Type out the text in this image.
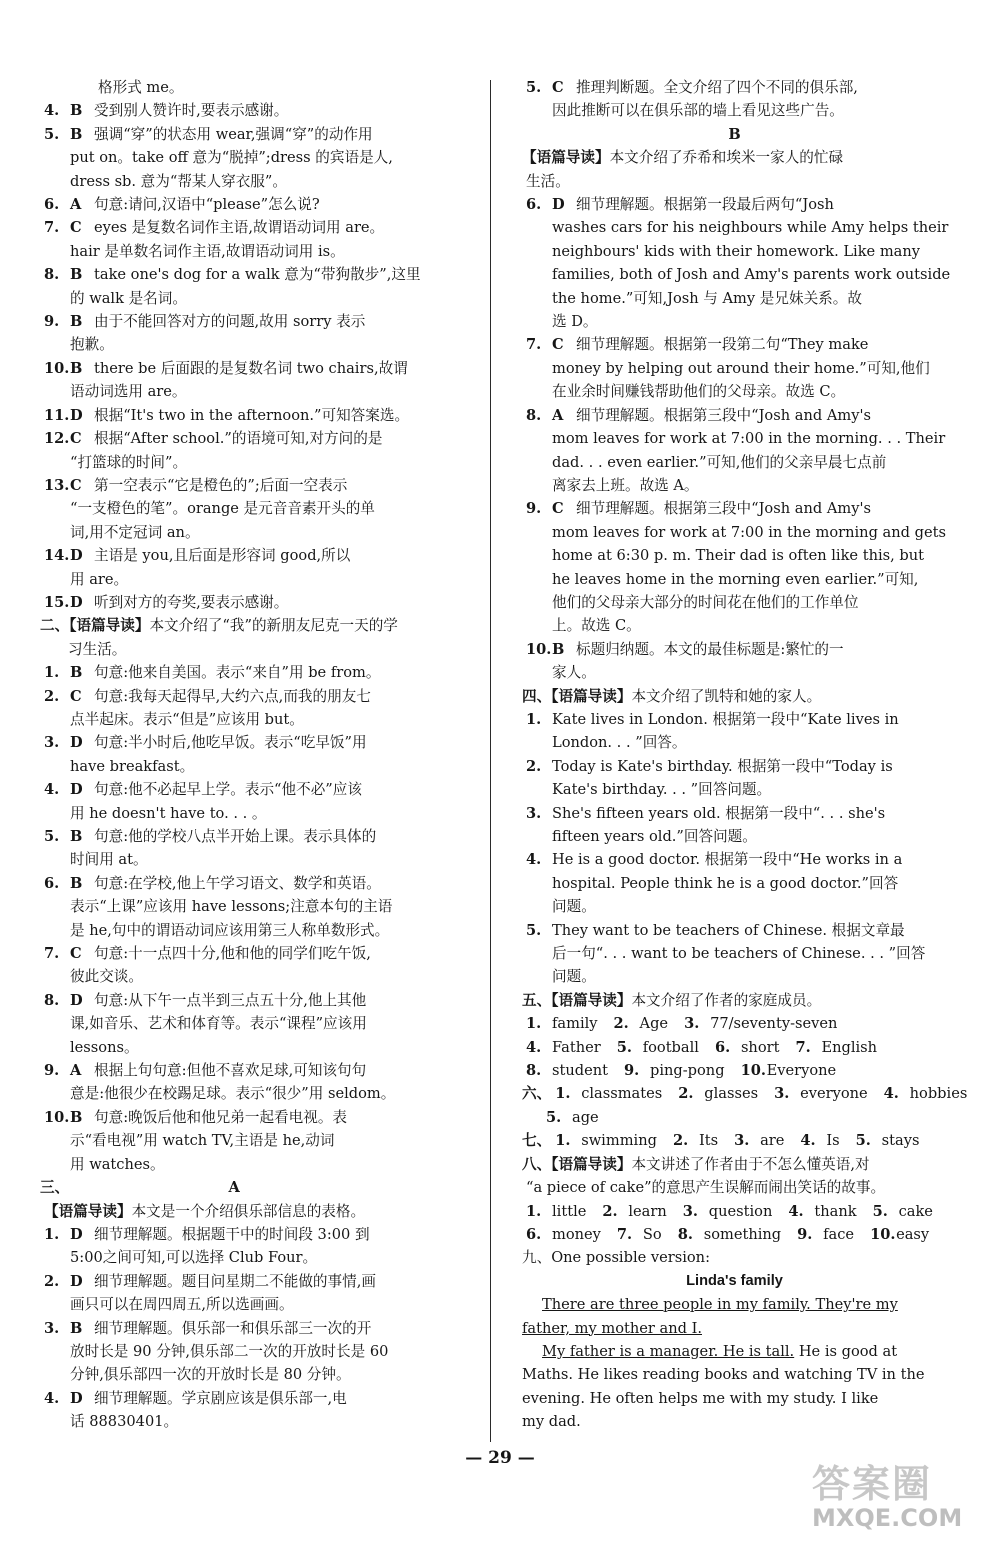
格形式 me。
4. B 受到别人赞许时,要表示感谢。
5. B 强调“穿”的状态用 wear,强调“穿”的动作用
put on。take off 意为“脱掉”;dress 的宾语是人,
dress sb. 意为“帮某人穿衣服”。
6. A 句意:请问,汉语中“please”怎么说?
7. C eyes 是复数名词作主语,故谓语动词用 are。
hair 是单数名词作主语,故谓语动词用 is。
8. B take one's dog for a walk 意为“带狗散步”,这里
的 walk 是名词。
9. B 由于不能回答对方的问题,故用 sorry 表示
抱歉。
10.B there be 后面跟的是复数名词 two chairs,故谓
语动词选用 are。
11.D 根据“It's two in the afternoon.”可知答案选。
12.C 根据“After school.”的语境可知,对方问的是
“打篮球的时间”。
13.C 第一空表示“它是橙色的”;后面一空表示
“一支橙色的笔”。orange 是元音音素开头的单
词,用不定冠词 an。
14.D 主语是 you,且后面是形容词 good,所以
用 are。
15.D 听到对方的夸奖,要表示感谢。
二、【语篇导读】本文介绍了“我”的新朋友尼克一天的学
习生活。
1. B 句意:他来自美国。表示“来自”用 be from。
2. C 句意:我每天起得早,大约六点,而我的朋友七
点半起床。表示“但是”应该用 but。
3. D 句意:半小时后,他吃早饭。表示“吃早饭”用
have breakfast。
4. D 句意:他不必起早上学。表示“他不必”应该
用 he doesn't have to. . . 。
5. B 句意:他的学校八点半开始上课。表示具体的
时间用 at。
6. B 句意:在学校,他上午学习语文、数学和英语。
表示“上课”应该用 have lessons;注意本句的主语
是 he,句中的谓语动词应该用第三人称单数形式。
7. C 句意:十一点四十分,他和他的同学们吃午饭,
彼此交谈。
8. D 句意:从下午一点半到三点五十分,他上其他
课,如音乐、艺术和体育等。表示“课程”应该用
lessons。
9. A 根据上句句意:但他不喜欢足球,可知该句句
意是:他很少在校踢足球。表示“很少”用 seldom。
10.B 句意:晚饭后他和他兄弟一起看电视。表
示“看电视”用 watch TV,主语是 he,动词
用 watches。
三、	A
【语篇导读】本文是一个介绍俱乐部信息的表格。
1. D 细节理解题。根据题干中的时间段 3:00 到
5:00之间可知,可以选择 Club Four。
2. D 细节理解题。题目问星期二不能做的事情,画
画只可以在周四周五,所以选画画。
3. B 细节理解题。俱乐部一和俱乐部三一次的开
放时长是 90 分钟,俱乐部二一次的开放时长是 60
分钟,俱乐部四一次的开放时长是 80 分钟。
4. D 细节理解题。学京剧应该是俱乐部一,电
话 88830401。
5. C 推理判断题。全文介绍了四个不同的俱乐部,
因此推断可以在俱乐部的墙上看见这些广告。
B
【语篇导读】本文介绍了乔希和埃米一家人的忙碌
生活。
6. D 细节理解题。根据第一段最后两句“Josh
washes cars for his neighbours while Amy helps their
neighbours' kids with their homework. Like many
families, both of Josh and Amy's parents work outside
the home.”可知,Josh 与 Amy 是兄妹关系。故
选 D。
7. C 细节理解题。根据第一段第二句“They make
money by helping out around their home.”可知,他们
在业余时间赚钱帮助他们的父母亲。故选 C。
8. A 细节理解题。根据第三段中“Josh and Amy's
mom leaves for work at 7:00 in the morning. . . Their
dad. . . even earlier.”可知,他们的父亲早晨七点前
离家去上班。故选 A。
9. C 细节理解题。根据第三段中“Josh and Amy's
mom leaves for work at 7:00 in the morning and gets
home at 6:30 p. m. Their dad is often like this, but
he leaves home in the morning even earlier.”可知,
他们的父母亲大部分的时间花在他们的工作单位
上。故选 C。
10.B 标题归纳题。本文的最佳标题是:繁忙的一
家人。
四、【语篇导读】本文介绍了凯特和她的家人。
1. Kate lives in London. 根据第一段中“Kate lives in
London. . . ”回答。
2. Today is Kate's birthday. 根据第一段中“Today is
Kate's birthday. . . ”回答问题。
3. She's fifteen years old. 根据第一段中“. . . she's
fifteen years old.”回答问题。
4. He is a good doctor. 根据第一段中“He works in a
hospital. People think he is a good doctor.”回答
问题。
5. They want to be teachers of Chinese. 根据文章最
后一句“. . . want to be teachers of Chinese. . . ”回答
问题。
五、【语篇导读】本文介绍了作者的家庭成员。
1. family 2. Age 3. 77/seventy-seven
4. Father 5. football 6. short 7. English
8. student 9. ping-pong 10.Everyone
六、 1. classmates 2. glasses 3. everyone 4. hobbies
5. age
七、 1. swimming 2. Its 3. are 4. Is 5. stays
八、【语篇导读】本文讲述了作者由于不怎么懂英语,对
“a piece of cake”的意思产生误解而闹出笑话的故事。
1. little 2. learn 3. question 4. thank 5. cake
6. money 7. So 8. something 9. face 10.easy
九、One possible version:
Linda's family
There are three people in my family. They're my
father, my mother and I.
My father is a manager. He is tall. He is good at
Maths. He likes reading books and watching TV in the
evening. He often helps me with my study. I like
my dad.
— 29 —
答案圈
MXQE.COM
